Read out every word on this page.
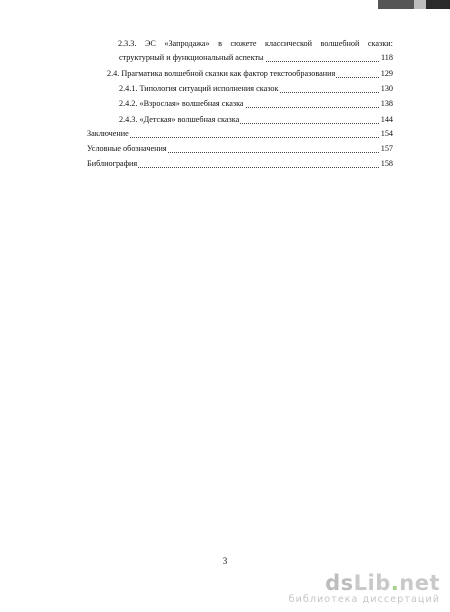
2.3.3. ЭС «Запродажа» в сюжете классической волшебной сказки:
структурный и функциональный аспекты	118
2.4. Прагматика волшебной сказки как фактор текстообразования	129
2.4.1. Типология ситуаций исполнения сказок	130
2.4.2. «Взрослая» волшебная сказка	138
2.4.3. «Детская» волшебная сказка	144
Заключение	154
Условные обозначения	157
Библиография	158
3
dsLib.net
библиотека диссертаций
